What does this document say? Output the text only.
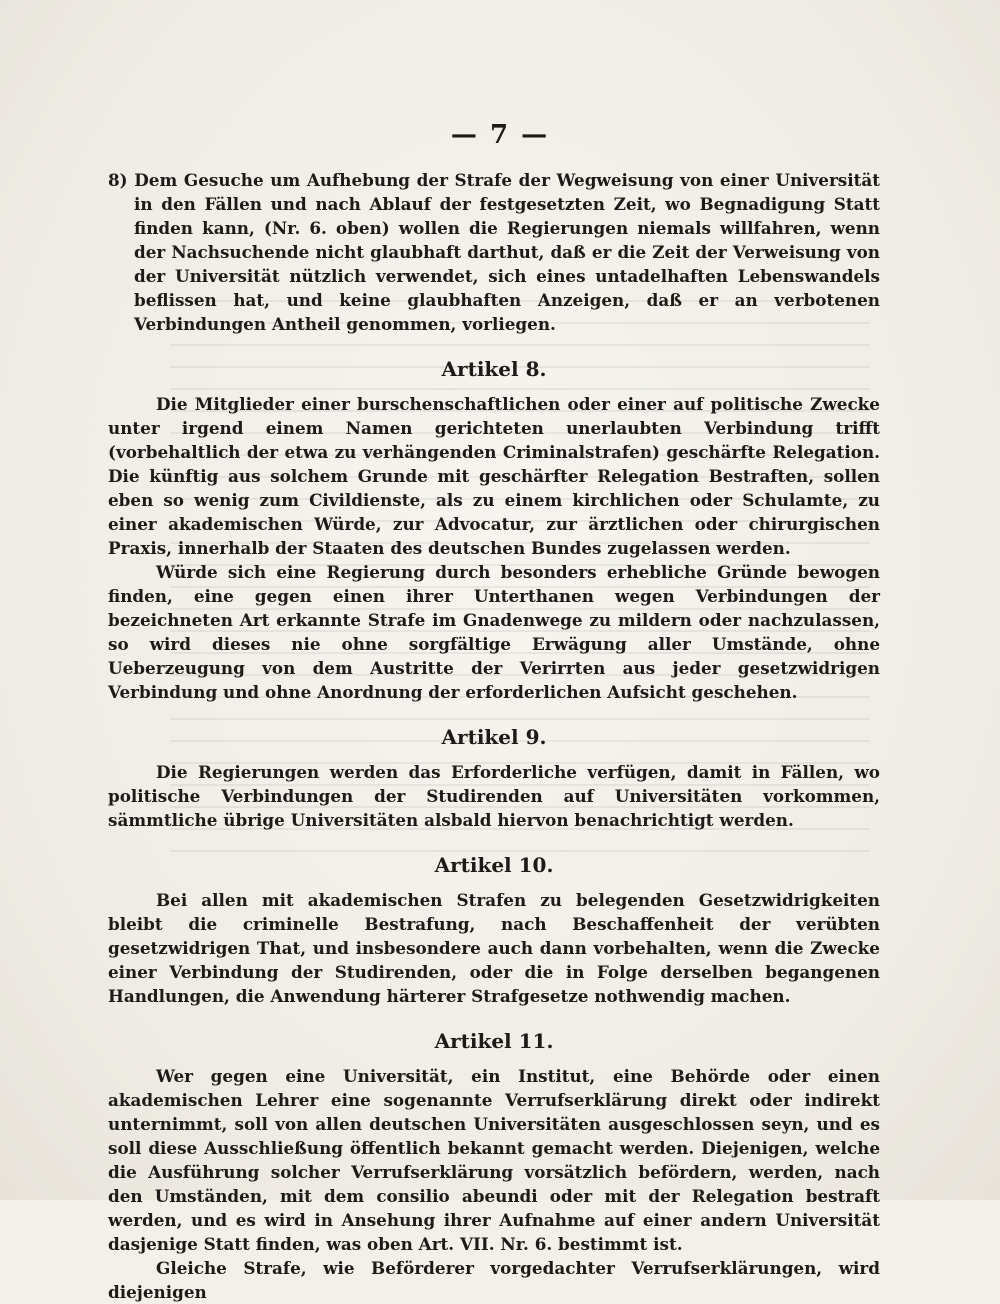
— 7 —

8) Dem Gesuche um Aufhebung der Strafe der Wegweisung von einer Universität in den Fällen und nach Ablauf der festgesetzten Zeit, wo Begnadigung Statt finden kann, (Nr. 6. oben) wollen die Regierungen niemals willfahren, wenn der Nachsuchende nicht glaubhaft darthut, daß er die Zeit der Verweisung von der Universität nützlich verwendet, sich eines untadelhaften Lebenswandels beflissen hat, und keine glaubhaften Anzeigen, daß er an verbotenen Verbindungen Antheil genommen, vorliegen.

Artikel 8.

Die Mitglieder einer burschenschaftlichen oder einer auf politische Zwecke unter irgend einem Namen gerichteten unerlaubten Verbindung trifft (vorbehaltlich der etwa zu verhängenden Criminalstrafen) geschärfte Relegation. Die künftig aus solchem Grunde mit geschärfter Relegation Bestraften, sollen eben so wenig zum Civildienste, als zu einem kirchlichen oder Schulamte, zu einer akademischen Würde, zur Advocatur, zur ärztlichen oder chirurgischen Praxis, innerhalb der Staaten des deutschen Bundes zugelassen werden.

Würde sich eine Regierung durch besonders erhebliche Gründe bewogen finden, eine gegen einen ihrer Unterthanen wegen Verbindungen der bezeichneten Art erkannte Strafe im Gnadenwege zu mildern oder nachzulassen, so wird dieses nie ohne sorgfältige Erwägung aller Umstände, ohne Ueberzeugung von dem Austritte der Verirrten aus jeder gesetzwidrigen Verbindung und ohne Anordnung der erforderlichen Aufsicht geschehen.

Artikel 9.

Die Regierungen werden das Erforderliche verfügen, damit in Fällen, wo politische Verbindungen der Studirenden auf Universitäten vorkommen, sämmtliche übrige Universitäten alsbald hiervon benachrichtigt werden.

Artikel 10.

Bei allen mit akademischen Strafen zu belegenden Gesetzwidrigkeiten bleibt die criminelle Bestrafung, nach Beschaffenheit der verübten gesetzwidrigen That, und insbesondere auch dann vorbehalten, wenn die Zwecke einer Verbindung der Studirenden, oder die in Folge derselben begangenen Handlungen, die Anwendung härterer Strafgesetze nothwendig machen.

Artikel 11.

Wer gegen eine Universität, ein Institut, eine Behörde oder einen akademischen Lehrer eine sogenannte Verrufserklärung direkt oder indirekt unternimmt, soll von allen deutschen Universitäten ausgeschlossen seyn, und es soll diese Ausschließung öffentlich bekannt gemacht werden. Diejenigen, welche die Ausführung solcher Verrufserklärung vorsätzlich befördern, werden, nach den Umständen, mit dem consilio abeundi oder mit der Relegation bestraft werden, und es wird in Ansehung ihrer Aufnahme auf einer andern Universität dasjenige Statt finden, was oben Art. VII. Nr. 6. bestimmt ist.

Gleiche Strafe, wie Beförderer vorgedachter Verrufserklärungen, wird diejenigen
